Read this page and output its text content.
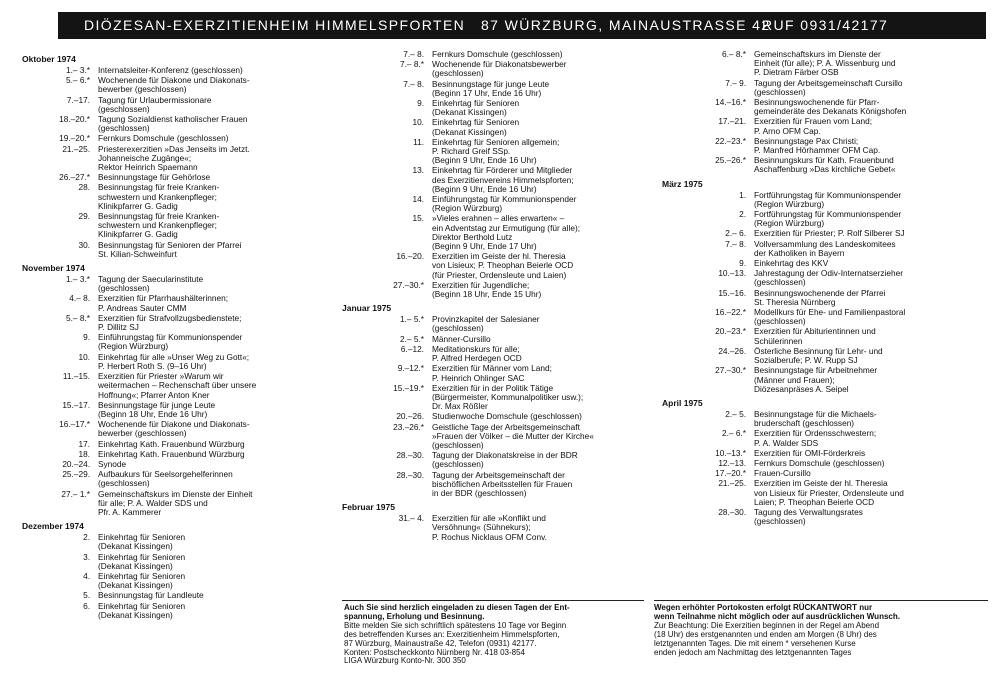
DIÖZESAN-EXERZITIENHEIM HIMMELSPFORTEN 87 WÜRZBURG, MAINAUSTRASSE 42
RUF 0931/42177
Oktober 1974
1.– 3.* Internatsleiter-Konferenz (geschlossen)
5.– 6.* Wochenende für Diakone und Diakonats-
bewerber (geschlossen)
7.–17. Tagung für Urlaubermissionare
(geschlossen)
18.–20.* Tagung Sozialdienst katholischer Frauen
(geschlossen)
19.–20.* Fernkurs Domschule (geschlossen)
21.–25. Priesterexerzitien »Das Jenseits im Jetzt.
Johanneische Zugänge«;
Rektor Heinrich Spaemann
26.–27.* Besinnungstage für Gehörlose
28. Besinnungstag für freie Kranken-
schwestern und Krankenpfleger;
Klinikpfarrer G. Gadig
29. Besinnungstag für freie Kranken-
schwestern und Krankenpfleger;
Klinikpfarrer G. Gadig
30. Besinnungstag für Senioren der Pfarrei
St. Kilian-Schweinfurt
November 1974
1.– 3.* Tagung der Saecularinstitute
(geschlossen)
4.– 8. Exerzitien für Pfarrhaushälterinnen;
P. Andreas Sauter CMM
5.– 8.* Exerzitien für Strafvollzugsbedienstete;
P. Dillitz SJ
9. Einführungstag für Kommunionspender
(Region Würzburg)
10. Einkehrtag für alle »Unser Weg zu Gott«;
P. Herbert Roth S. (9–16 Uhr)
11.–15. Exerzitien für Priester »Warum wir
weitermachen – Rechenschaft über unsere
Hoffnung«; Pfarrer Anton Kner
15.–17. Besinnungstage für junge Leute
(Beginn 18 Uhr, Ende 16 Uhr)
16.–17.* Wochenende für Diakone und Diakonats-
bewerber (geschlossen)
17. Einkehrtag Kath. Frauenbund Würzburg
18. Einkehrtag Kath. Frauenbund Würzburg
20.–24. Synode
25.–29. Aufbaukurs für Seelsorgehelferinnen
(geschlossen)
27.– 1.* Gemeinschaftskurs im Dienste der Einheit
für alle; P. A. Walder SDS und
Pfr. A. Kammerer
Dezember 1974
2. Einkehrtag für Senioren
(Dekanat Kissingen)
3. Einkehrtag für Senioren
(Dekanat Kissingen)
4. Einkehrtag für Senioren
(Dekanat Kissingen)
5. Besinnungstag für Landleute
6. Einkehrtag für Senioren
(Dekanat Kissingen)
7.– 8. Fernkurs Domschule (geschlossen)
7.– 8.* Wochenende für Diakonatsbewerber
(geschlossen)
7.– 8. Besinnungstage für junge Leute
(Beginn 17 Uhr, Ende 16 Uhr)
9. Einkehrtag für Senioren
(Dekanat Kissingen)
10. Einkehrtag für Senioren
(Dekanat Kissingen)
11. Einkehrtag für Senioren allgemein;
P. Richard Greif SSp.
(Beginn 9 Uhr, Ende 16 Uhr)
13. Einkehrtag für Förderer und Mitglieder
des Exerzitienvereins Himmelspforten;
(Beginn 9 Uhr, Ende 16 Uhr)
14. Einführungstag für Kommunionspender
(Region Würzburg)
15. »Vieles erahnen – alles erwarten« –
ein Adventstag zur Ermutigung (für alle);
Direktor Berthold Lutz
(Beginn 9 Uhr, Ende 17 Uhr)
16.–20. Exerzitien im Geiste der hl. Theresia
von Lisieux; P. Theophan Beierle OCD
(für Priester, Ordensleute und Laien)
27.–30.* Exerzitien für Jugendliche;
(Beginn 18 Uhr, Ende 15 Uhr)
Januar 1975
1.– 5.* Provinzkapitel der Salesianer
(geschlossen)
2.– 5.* Männer-Cursillo
6.–12. Meditationskurs für alle;
P. Alfred Herdegen OCD
9.–12.* Exerzitien für Männer vom Land;
P. Heinrich Ohlinger SAC
15.–19.* Exerzitien für in der Politik Tätige
(Bürgermeister, Kommunalpolitiker usw.);
Dr. Max Rößler
20.–26. Studienwoche Domschule (geschlossen)
23.–26.* Geistliche Tage der Arbeitsgemeinschaft
»Frauen der Völker – die Mutter der Kirche«
(geschlossen)
28.–30. Tagung der Diakonatskreise in der BDR
(geschlossen)
28.–30. Tagung der Arbeitsgemeinschaft der
bischöflichen Arbeitsstellen für Frauen
in der BDR (geschlossen)
Februar 1975
31.– 4. Exerzitien für alle »Konflikt und
Versöhnung« (Sühnekurs);
P. Rochus Nicklaus OFM Conv.
6.– 8.* Gemeinschaftskurs im Dienste der
Einheit (für alle); P. A. Wissenburg und
P. Dietram Färber OSB
7.– 9. Tagung der Arbeitsgemeinschaft Cursillo
(geschlossen)
14.–16.* Besinnungswochenende für Pfarr-
gemeinderäte des Dekanats Königshofen
17.–21. Exerzitien für Frauen vom Land;
P. Arno OFM Cap.
22.–23.* Besinnungstage Pax Christi;
P. Manfred Hörhammer OFM Cap.
25.–26.* Besinnungskurs für Kath. Frauenbund
Aschaffenburg »Das kirchliche Gebet«
März 1975
1. Fortführungstag für Kommunionspender
(Region Würzburg)
2. Fortführungstag für Kommunionspender
(Region Würzburg)
2.– 6. Exerzitien für Priester; P. Rolf Silberer SJ
7.– 8. Vollversammlung des Landeskomitees
der Katholiken in Bayern
9. Einkehrtag des KKV
10.–13. Jahrestagung der Odiv-Internatserzieher
(geschlossen)
15.–16. Besinnungswochenende der Pfarrei
St. Theresia Nürnberg
16.–22.* Modellkurs für Ehe- und Familienpastoral
(geschlossen)
20.–23.* Exerzitien für Abiturientinnen und
Schülerinnen
24.–26. Österliche Besinnung für Lehr- und
Sozialberufe; P. W. Rupp SJ
27.–30.* Besinnungstage für Arbeitnehmer
(Männer und Frauen);
Diözesanpräses A. Seipel
April 1975
2.– 5. Besinnungstage für die Michaels-
bruderschaft (geschlossen)
2.– 6.* Exerzitien für Ordensschwestern;
P. A. Walder SDS
10.–13.* Exerzitien für OMI-Förderkreis
12.–13. Fernkurs Domschule (geschlossen)
17.–20.* Frauen-Cursillo
21.–25. Exerzitien im Geiste der hl. Theresia
von Lisieux für Priester, Ordensleute und
Laien; P. Theophan Beierle OCD
28.–30. Tagung des Verwaltungsrates
(geschlossen)
Auch Sie sind herzlich eingeladen zu diesen Tagen der Ent-
spannung, Erholung und Besinnung.
Bitte melden Sie sich schriftlich spätestens 10 Tage vor Beginn
des betreffenden Kurses an: Exerzitienheim Himmelspforten,
87 Würzburg, Mainaustraße 42, Telefon (0931) 42177.
Konten: Postscheckkonto Nürnberg Nr. 418 03-854
LIGA Würzburg Konto-Nr. 300 350
Wegen erhöhter Portokosten erfolgt RÜCKANTWORT nur
wenn Teilnahme nicht möglich oder auf ausdrücklichen Wunsch.
Zur Beachtung: Die Exerzitien beginnen in der Regel am Abend
(18 Uhr) des erstgenannten und enden am Morgen (8 Uhr) des
letztgenannten Tages. Die mit einem * versehenen Kurse
enden jedoch am Nachmittag des letztgenannten Tages
